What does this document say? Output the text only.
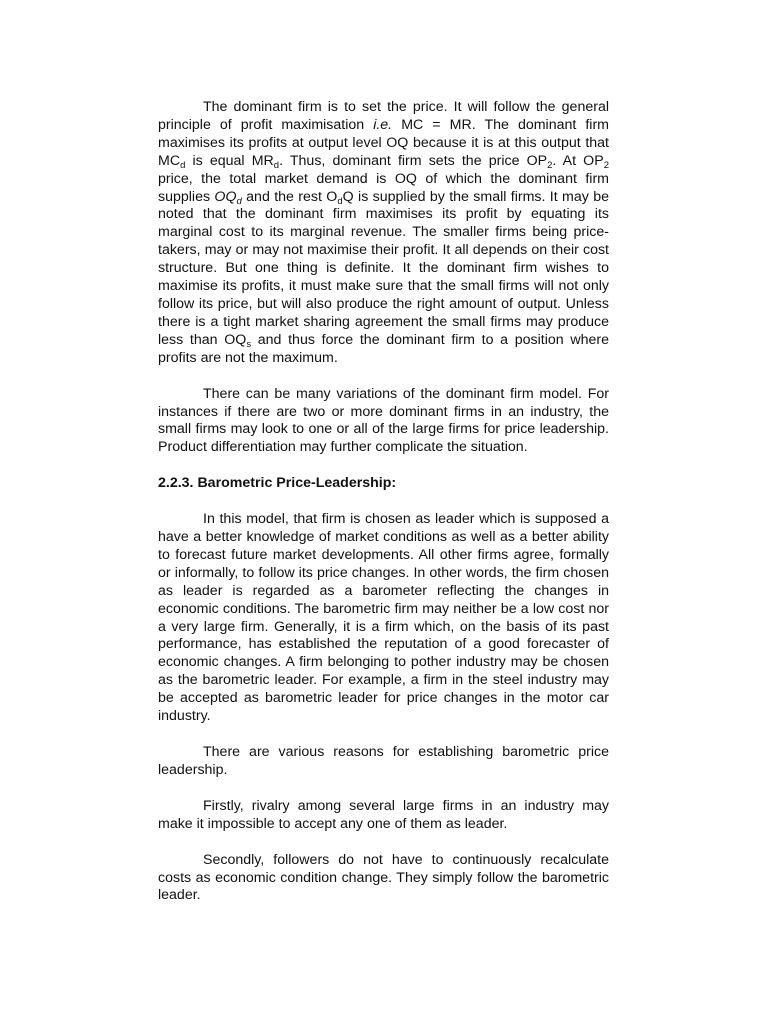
The dominant firm is to set the price. It will follow the general principle of profit maximisation i.e. MC = MR. The dominant firm maximises its profits at output level OQ because it is at this output that $MC_d$ is equal $MR_d$. Thus, dominant firm sets the price $OP_2$. At $OP_2$ price, the total market demand is OQ of which the dominant firm supplies $OQ_d$ and the rest $O_dQ$ is supplied by the small firms. It may be noted that the dominant firm maximises its profit by equating its marginal cost to its marginal revenue. The smaller firms being price-takers, may or may not maximise their profit. It all depends on their cost structure. But one thing is definite. It the dominant firm wishes to maximise its profits, it must make sure that the small firms will not only follow its price, but will also produce the right amount of output. Unless there is a tight market sharing agreement the small firms may produce less than $OQ_s$ and thus force the dominant firm to a position where profits are not the maximum.

There can be many variations of the dominant firm model. For instances if there are two or more dominant firms in an industry, the small firms may look to one or all of the large firms for price leadership. Product differentiation may further complicate the situation.

2.2.3. Barometric Price-Leadership:

In this model, that firm is chosen as leader which is supposed a have a better knowledge of market conditions as well as a better ability to forecast future market developments. All other firms agree, formally or informally, to follow its price changes. In other words, the firm chosen as leader is regarded as a barometer reflecting the changes in economic conditions. The barometric firm may neither be a low cost nor a very large firm. Generally, it is a firm which, on the basis of its past performance, has established the reputation of a good forecaster of economic changes. A firm belonging to pother industry may be chosen as the barometric leader. For example, a firm in the steel industry may be accepted as barometric leader for price changes in the motor car industry.

There are various reasons for establishing barometric price leadership.

Firstly, rivalry among several large firms in an industry may make it impossible to accept any one of them as leader.

Secondly, followers do not have to continuously recalculate costs as economic condition change. They simply follow the barometric leader.
